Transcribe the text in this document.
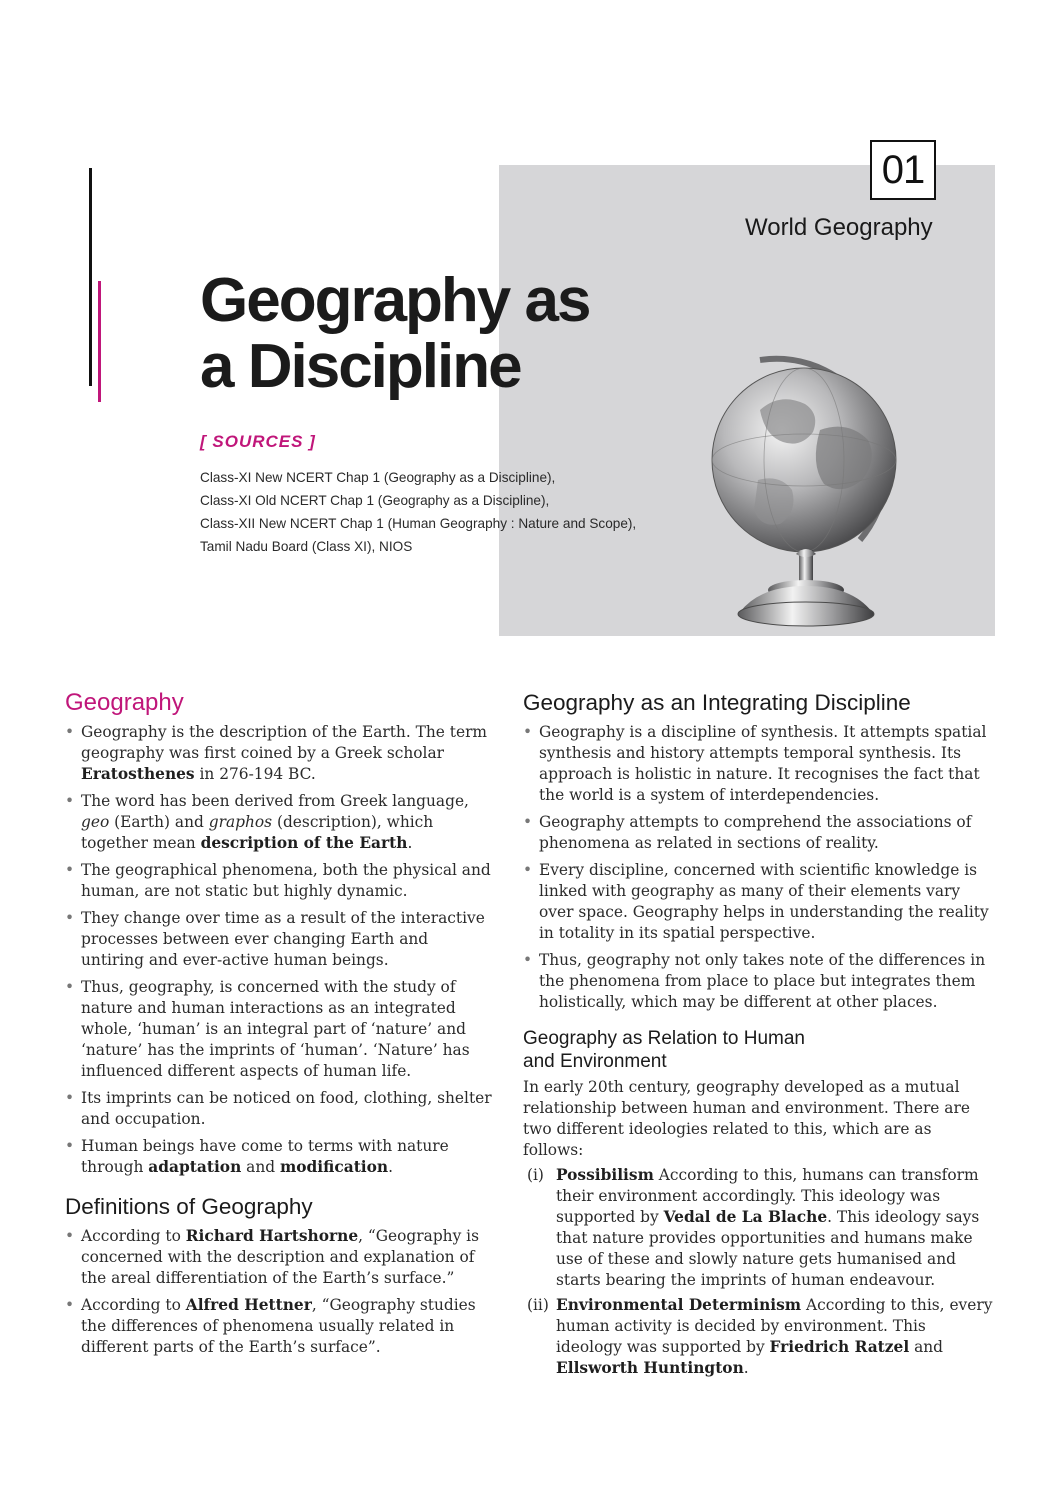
01
World Geography
Geography as
a Discipline
[ SOURCES ]
Class-XI New NCERT Chap 1 (Geography as a Discipline),
Class-XI Old NCERT Chap 1 (Geography as a Discipline),
Class-XII New NCERT Chap 1 (Human Geography : Nature and Scope),
Tamil Nadu Board (Class XI), NIOS
Geography
• Geography is the description of the Earth. The term geography was first coined by a Greek scholar Eratosthenes in 276-194 BC.
• The word has been derived from Greek language, geo (Earth) and graphos (description), which together mean description of the Earth.
• The geographical phenomena, both the physical and human, are not static but highly dynamic.
• They change over time as a result of the interactive processes between ever changing Earth and untiring and ever-active human beings.
• Thus, geography, is concerned with the study of nature and human interactions as an integrated whole, ‘human’ is an integral part of ‘nature’ and ‘nature’ has the imprints of ‘human’. ‘Nature’ has influenced different aspects of human life.
• Its imprints can be noticed on food, clothing, shelter and occupation.
• Human beings have come to terms with nature through adaptation and modification.
Definitions of Geography
• According to Richard Hartshorne, “Geography is concerned with the description and explanation of the areal differentiation of the Earth’s surface.”
• According to Alfred Hettner, “Geography studies the differences of phenomena usually related in different parts of the Earth’s surface”.
Geography as an Integrating Discipline
• Geography is a discipline of synthesis. It attempts spatial synthesis and history attempts temporal synthesis. Its approach is holistic in nature. It recognises the fact that the world is a system of interdependencies.
• Geography attempts to comprehend the associations of phenomena as related in sections of reality.
• Every discipline, concerned with scientific knowledge is linked with geography as many of their elements vary over space. Geography helps in understanding the reality in totality in its spatial perspective.
• Thus, geography not only takes note of the differences in the phenomena from place to place but integrates them holistically, which may be different at other places.
Geography as Relation to Human
and Environment

In early 20th century, geography developed as a mutual relationship between human and environment. There are two different ideologies related to this, which are as follows:

(i) Possibilism According to this, humans can transform their environment accordingly. This ideology was supported by Vedal de La Blache. This ideology says that nature provides opportunities and humans make use of these and slowly nature gets humanised and starts bearing the imprints of human endeavour.
(ii) Environmental Determinism According to this, every human activity is decided by environment. This ideology was supported by Friedrich Ratzel and Ellsworth Huntington.
